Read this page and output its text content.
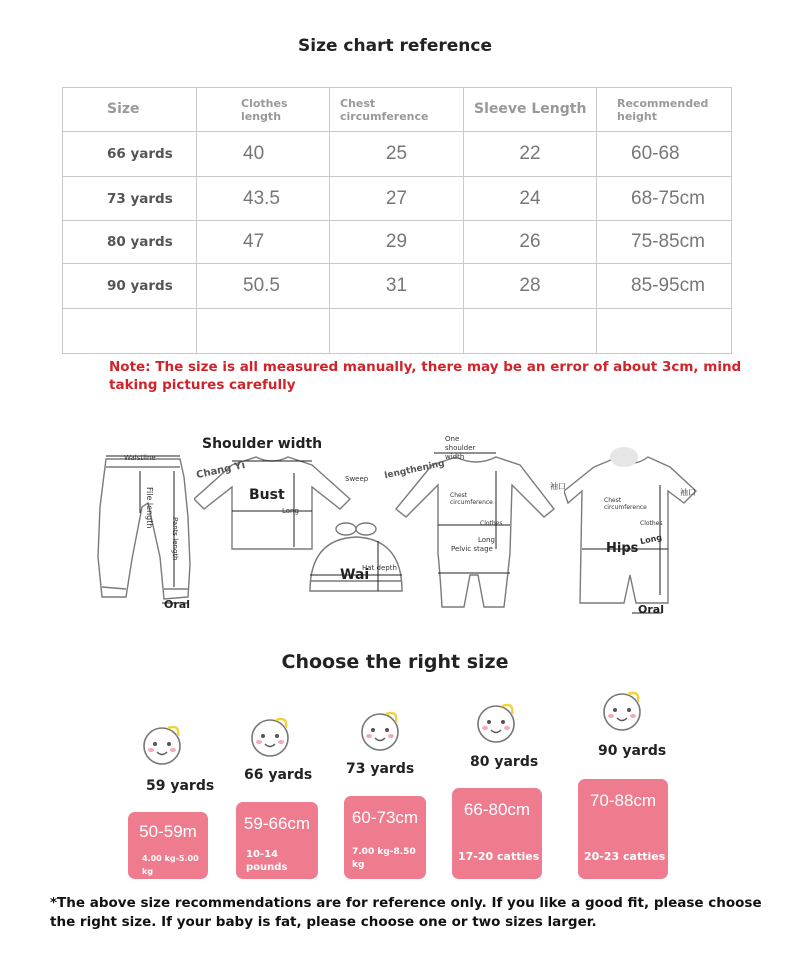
Size chart reference
Size	Clothes length	Chest circumference	Sleeve Length	Recommended height
66 yards	40	25	22	60-68
73 yards	43.5	27	24	68-75cm
80 yards	47	29	26	75-85cm
90 yards	50.5	31	28	85-95cm

Note: The size is all measured manually, there may be an error of about 3cm, mind taking pictures carefully
Waistline
File length
Pants length
Oral
Shoulder width
Chang Yi
Bust
Sweep
Long
Wai
Hat depth
One shoulder width
lengthening
Chest circumference
Clothes
Long
Pelvic stage
袖口
Chest circumference
Clothes
Hips
Long
Oral
袖口
Choose the right size
59 yards
50-59m
4.00 kg-5.00 kg
66 yards
59-66cm
10-14 pounds
73 yards
60-73cm
7.00 kg-8.50 kg
80 yards
66-80cm
17-20 catties
90 yards
70-88cm
20-23 catties
*The above size recommendations are for reference only. If you like a good fit, please choose the right size. If your baby is fat, please choose one or two sizes larger.
